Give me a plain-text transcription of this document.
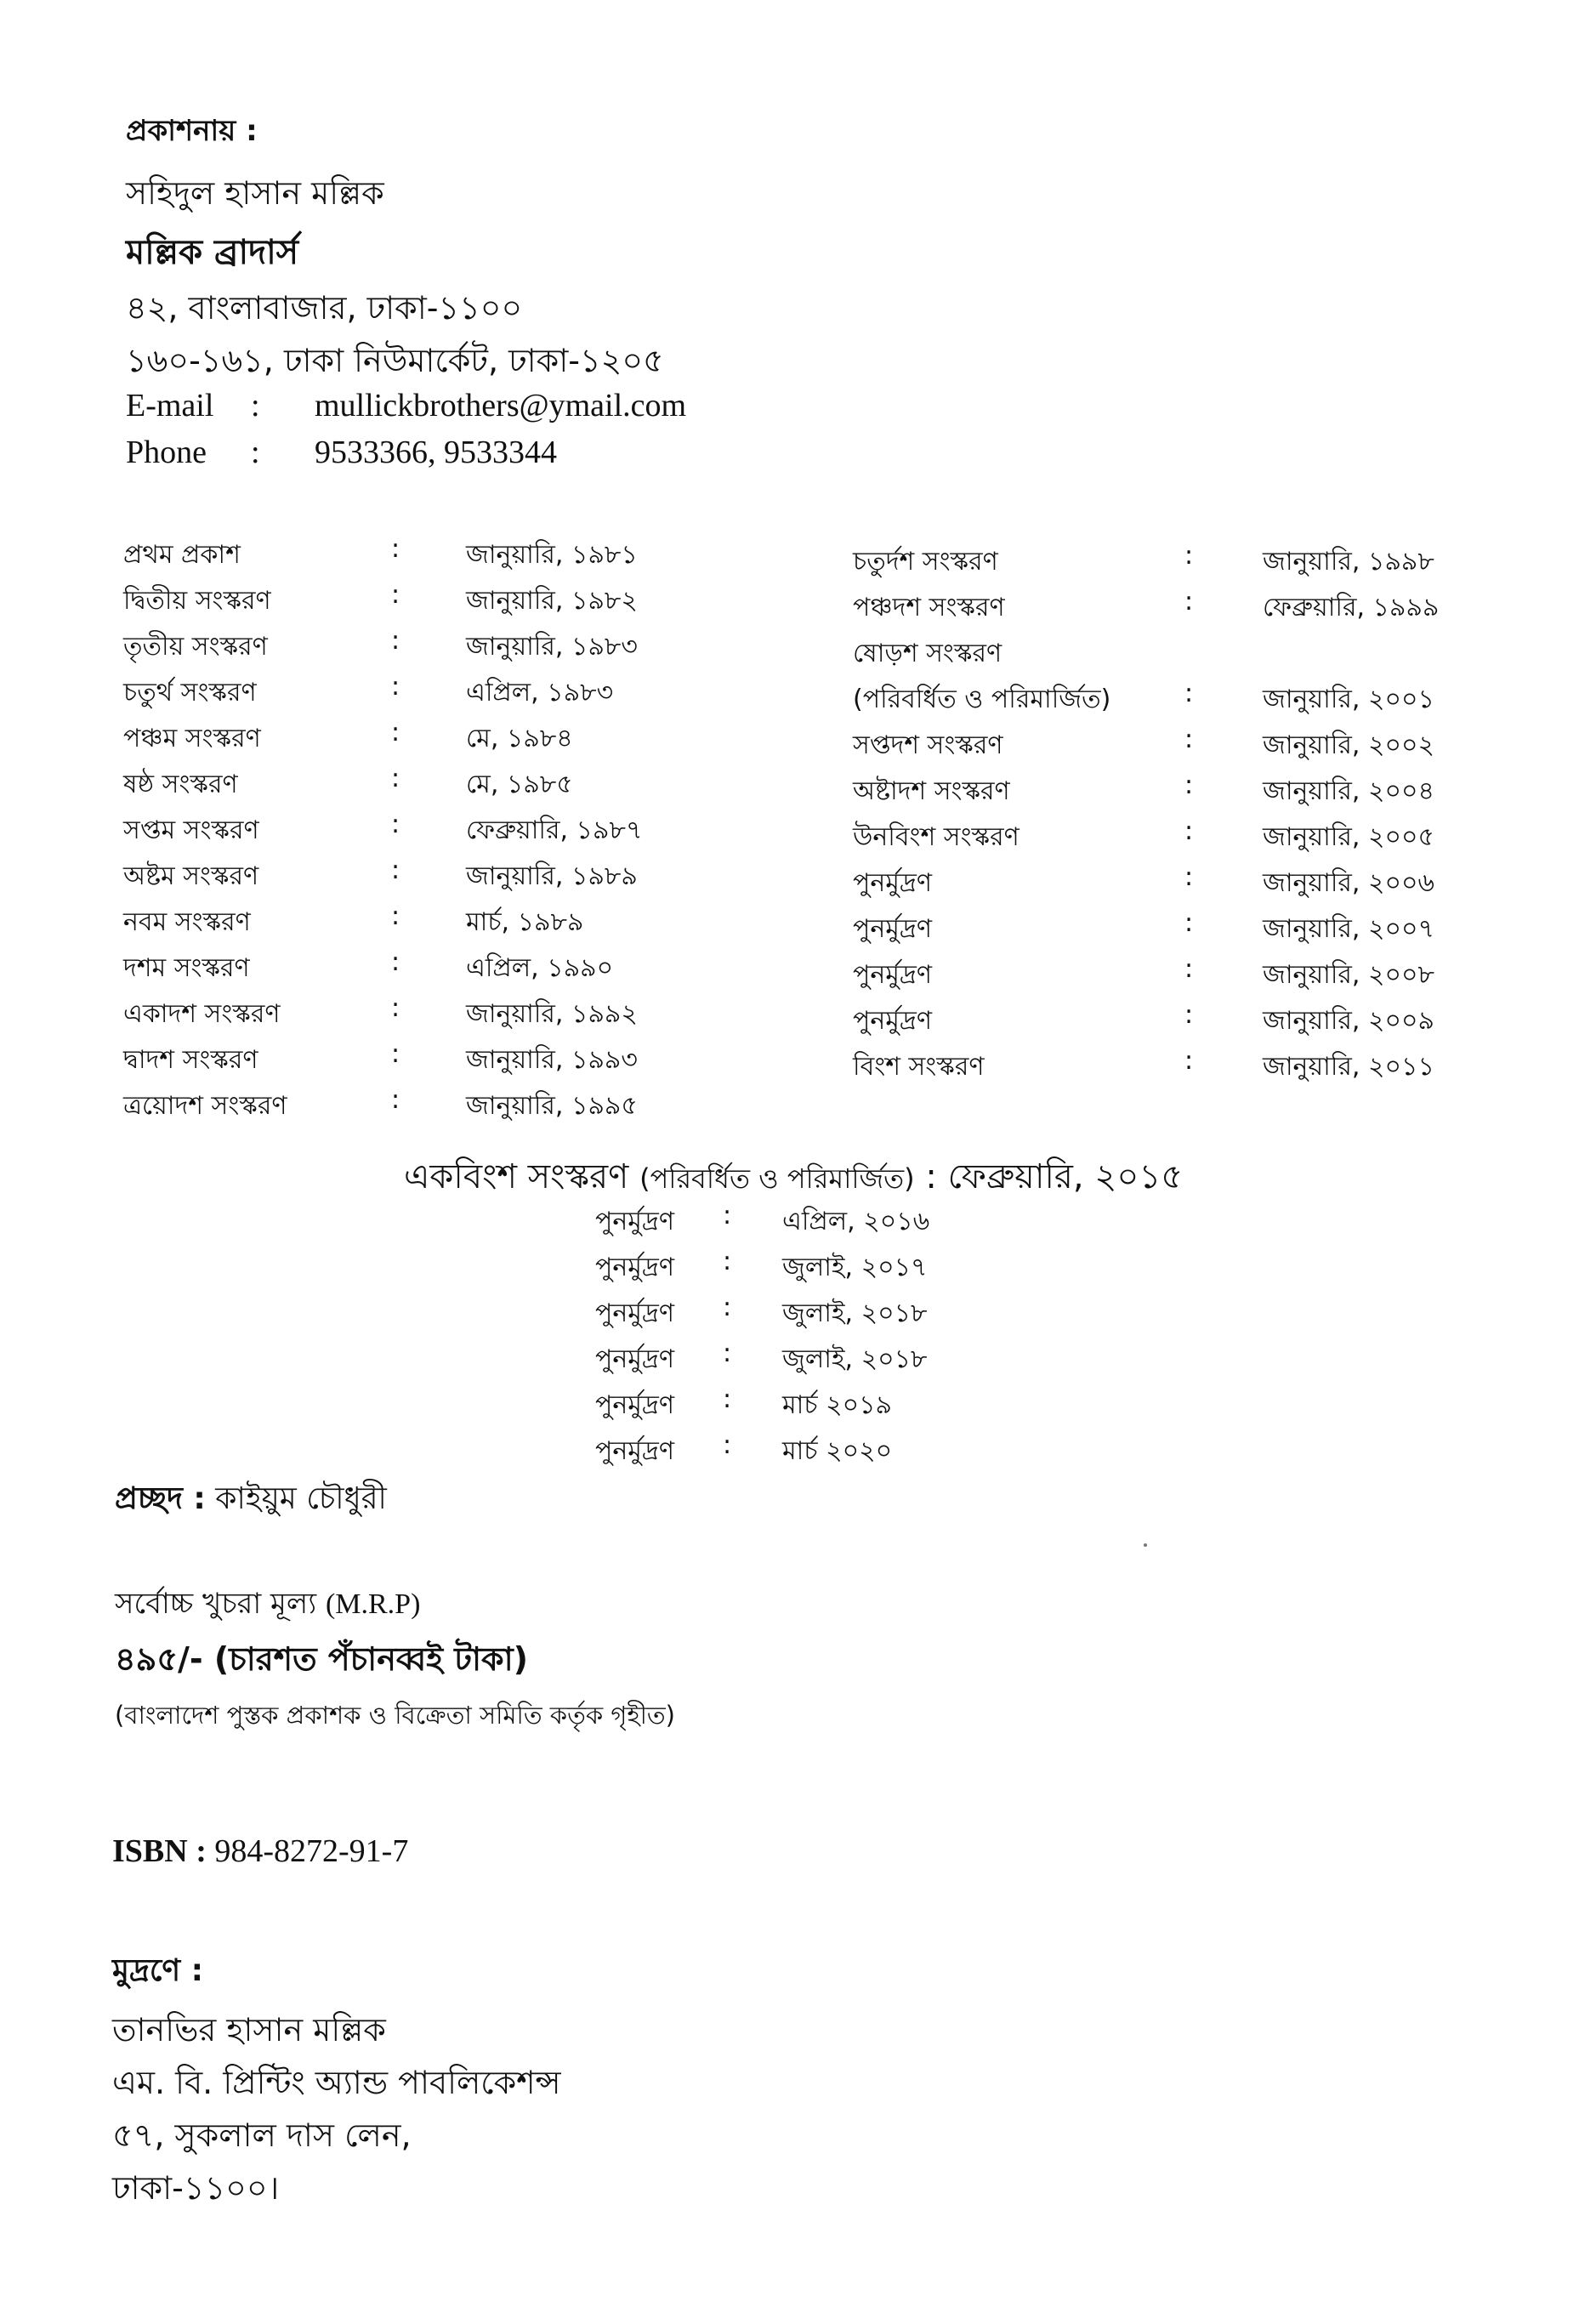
প্রকাশনায় :
সহিদুল হাসান মল্লিক
মল্লিক ব্রাদার্স
৪২, বাংলাবাজার, ঢাকা-১১০০
১৬০-১৬১, ঢাকা নিউমার্কেট, ঢাকা-১২০৫
E-mail : mullickbrothers@ymail.com
Phone : 9533366, 9533344
প্রথম প্রকাশ	:	জানুয়ারি, ১৯৮১
দ্বিতীয় সংস্করণ	:	জানুয়ারি, ১৯৮২
তৃতীয় সংস্করণ	:	জানুয়ারি, ১৯৮৩
চতুর্থ সংস্করণ	:	এপ্রিল, ১৯৮৩
পঞ্চম সংস্করণ	:	মে, ১৯৮৪
ষষ্ঠ সংস্করণ	:	মে, ১৯৮৫
সপ্তম সংস্করণ	:	ফেব্রুয়ারি, ১৯৮৭
অষ্টম সংস্করণ	:	জানুয়ারি, ১৯৮৯
নবম সংস্করণ	:	মার্চ, ১৯৮৯
দশম সংস্করণ	:	এপ্রিল, ১৯৯০
একাদশ সংস্করণ	:	জানুয়ারি, ১৯৯২
দ্বাদশ সংস্করণ	:	জানুয়ারি, ১৯৯৩
ত্রয়োদশ সংস্করণ	:	জানুয়ারি, ১৯৯৫
চতুর্দশ সংস্করণ	:	জানুয়ারি, ১৯৯৮
পঞ্চদশ সংস্করণ	:	ফেব্রুয়ারি, ১৯৯৯
ষোড়শ সংস্করণ
(পরিবর্ধিত ও পরিমার্জিত)	:	জানুয়ারি, ২০০১
সপ্তদশ সংস্করণ	:	জানুয়ারি, ২০০২
অষ্টাদশ সংস্করণ	:	জানুয়ারি, ২০০৪
উনবিংশ সংস্করণ	:	জানুয়ারি, ২০০৫
পুনর্মুদ্রণ	:	জানুয়ারি, ২০০৬
পুনর্মুদ্রণ	:	জানুয়ারি, ২০০৭
পুনর্মুদ্রণ	:	জানুয়ারি, ২০০৮
পুনর্মুদ্রণ	:	জানুয়ারি, ২০০৯
বিংশ সংস্করণ	:	জানুয়ারি, ২০১১
একবিংশ সংস্করণ (পরিবর্ধিত ও পরিমার্জিত) : ফেব্রুয়ারি, ২০১৫
পুনর্মুদ্রণ : এপ্রিল, ২০১৬
পুনর্মুদ্রণ : জুলাই, ২০১৭
পুনর্মুদ্রণ : জুলাই, ২০১৮
পুনর্মুদ্রণ : জুলাই, ২০১৮
পুনর্মুদ্রণ : মার্চ ২০১৯
পুনর্মুদ্রণ : মার্চ ২০২০
প্রচ্ছদ : কাইয়ুম চৌধুরী
সর্বোচ্চ খুচরা মূল্য (M.R.P)
৪৯৫/- (চারশত পঁচানব্বই টাকা)
(বাংলাদেশ পুস্তক প্রকাশক ও বিক্রেতা সমিতি কর্তৃক গৃহীত)
ISBN : 984-8272-91-7
মুদ্রণে :
তানভির হাসান মল্লিক
এম. বি. প্রিন্টিং অ্যান্ড পাবলিকেশন্স
৫৭, সুকলাল দাস লেন,
ঢাকা-১১০০।
